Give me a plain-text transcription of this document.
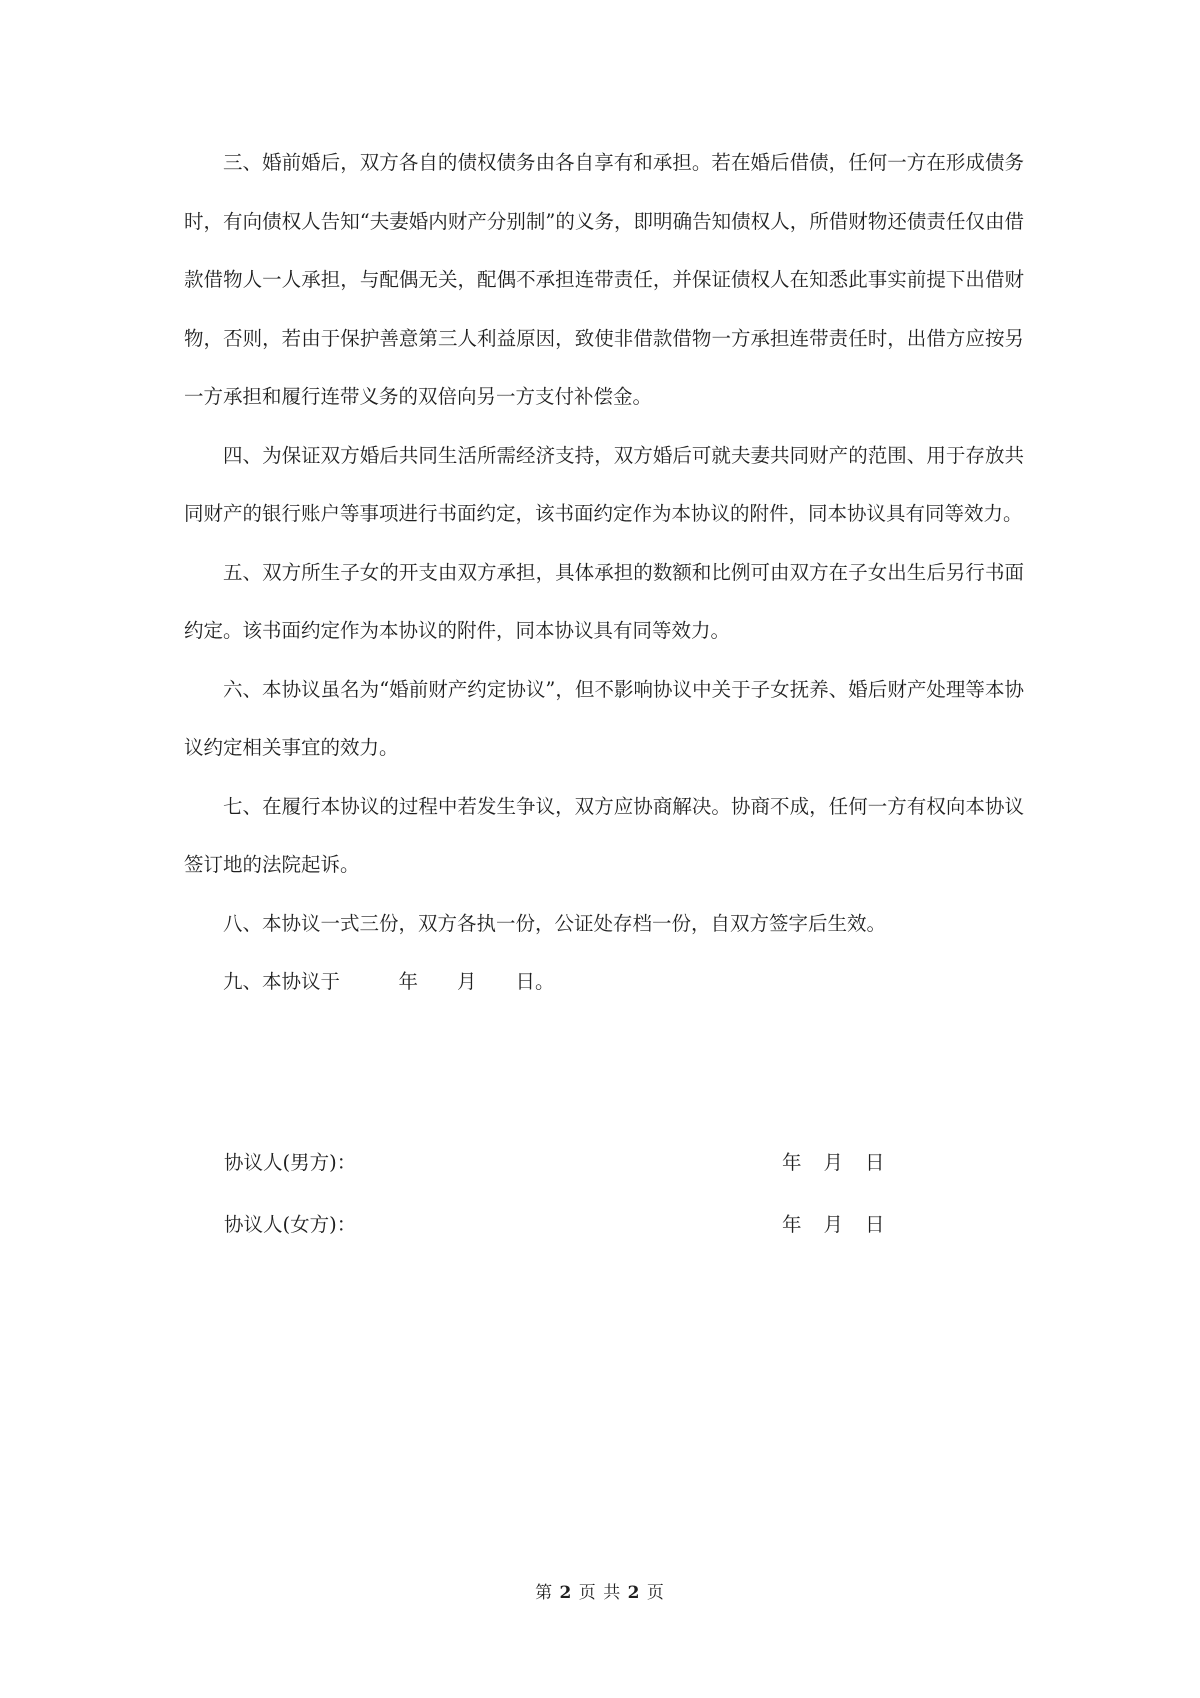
三、婚前婚后，双方各自的债权债务由各自享有和承担。若在婚后借债，任何一方在形成债务时，有向债权人告知“夫妻婚内财产分别制”的义务，即明确告知债权人，所借财物还债责任仅由借款借物人一人承担，与配偶无关，配偶不承担连带责任，并保证债权人在知悉此事实前提下出借财物，否则，若由于保护善意第三人利益原因，致使非借款借物一方承担连带责任时，出借方应按另一方承担和履行连带义务的双倍向另一方支付补偿金。

四、为保证双方婚后共同生活所需经济支持，双方婚后可就夫妻共同财产的范围、用于存放共同财产的银行账户等事项进行书面约定，该书面约定作为本协议的附件，同本协议具有同等效力。

五、双方所生子女的开支由双方承担，具体承担的数额和比例可由双方在子女出生后另行书面约定。该书面约定作为本协议的附件，同本协议具有同等效力。

六、本协议虽名为“婚前财产约定协议”，但不影响协议中关于子女抚养、婚后财产处理等本协议约定相关事宜的效力。

七、在履行本协议的过程中若发生争议，双方应协商解决。协商不成，任何一方有权向本协议签订地的法院起诉。

八、本协议一式三份，双方各执一份，公证处存档一份，自双方签字后生效。

九、本协议于　　　年　　月　　日。

协议人(男方)：	年 月 日
协议人(女方)：	年 月 日
第 2 页 共 2 页
